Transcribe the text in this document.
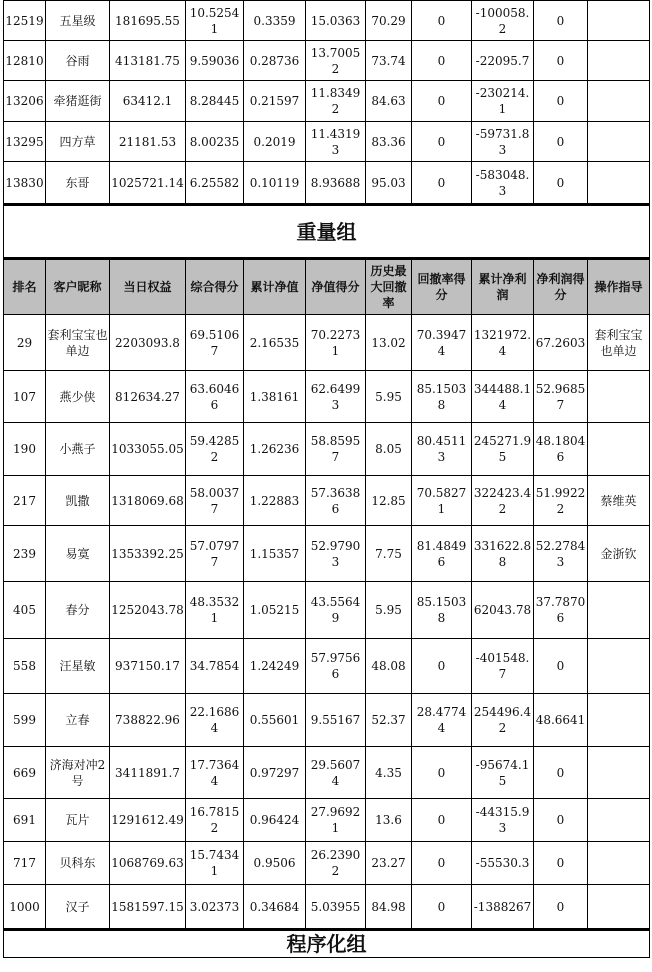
12519	五星级	181695.55	10.52541	0.3359	15.0363	70.29	0	-100058.2	0	
12810	谷雨	413181.75	9.59036	0.28736	13.70052	73.74	0	-22095.7	0	
13206	牵猪逛街	63412.1	8.28445	0.21597	11.83492	84.63	0	-230214.1	0	
13295	四方草	21181.53	8.00235	0.2019	11.43193	83.36	0	-59731.83	0	
13830	东哥	1025721.14	6.25582	0.10119	8.93688	95.03	0	-583048.3	0	
重量组										
排名	客户昵称	当日权益	综合得分	累计净值	净值得分	历史最大回撤率	回撤率得分	累计净利润	净利润得分	操作指导
29	套利宝宝也单边	2203093.8	69.51067	2.16535	70.22731	13.02	70.39474	1321972.4	67.2603	套利宝宝也单边
107	燕少侠	812634.27	63.60466	1.38161	62.64993	5.95	85.15038	344488.14	52.96857	
190	小燕子	1033055.05	59.42852	1.26236	58.85957	8.05	80.45113	245271.95	48.18046	
217	凯撒	1318069.68	58.00377	1.22883	57.36386	12.85	70.58271	322423.42	51.99222	蔡维英
239	易寞	1353392.25	57.07977	1.15357	52.97903	7.75	81.48496	331622.88	52.27843	金浙钦
405	春分	1252043.78	48.35321	1.05215	43.55649	5.95	85.15038	62043.78	37.78706	
558	汪星敏	937150.17	34.7854	1.24249	57.97566	48.08	0	-401548.7	0	
599	立春	738822.96	22.16864	0.55601	9.55167	52.37	28.47744	254496.42	48.6641	
669	济海对冲2号	3411891.7	17.73644	0.97297	29.56074	4.35	0	-95674.15	0	
691	瓦片	1291612.49	16.78152	0.96424	27.96921	13.6	0	-44315.93	0	
717	贝科东	1068769.63	15.74341	0.9506	26.23902	23.27	0	-55530.3	0	
1000	汉子	1581597.15	3.02373	0.34684	5.03955	84.98	0	-1388267	0	
程序化组										
